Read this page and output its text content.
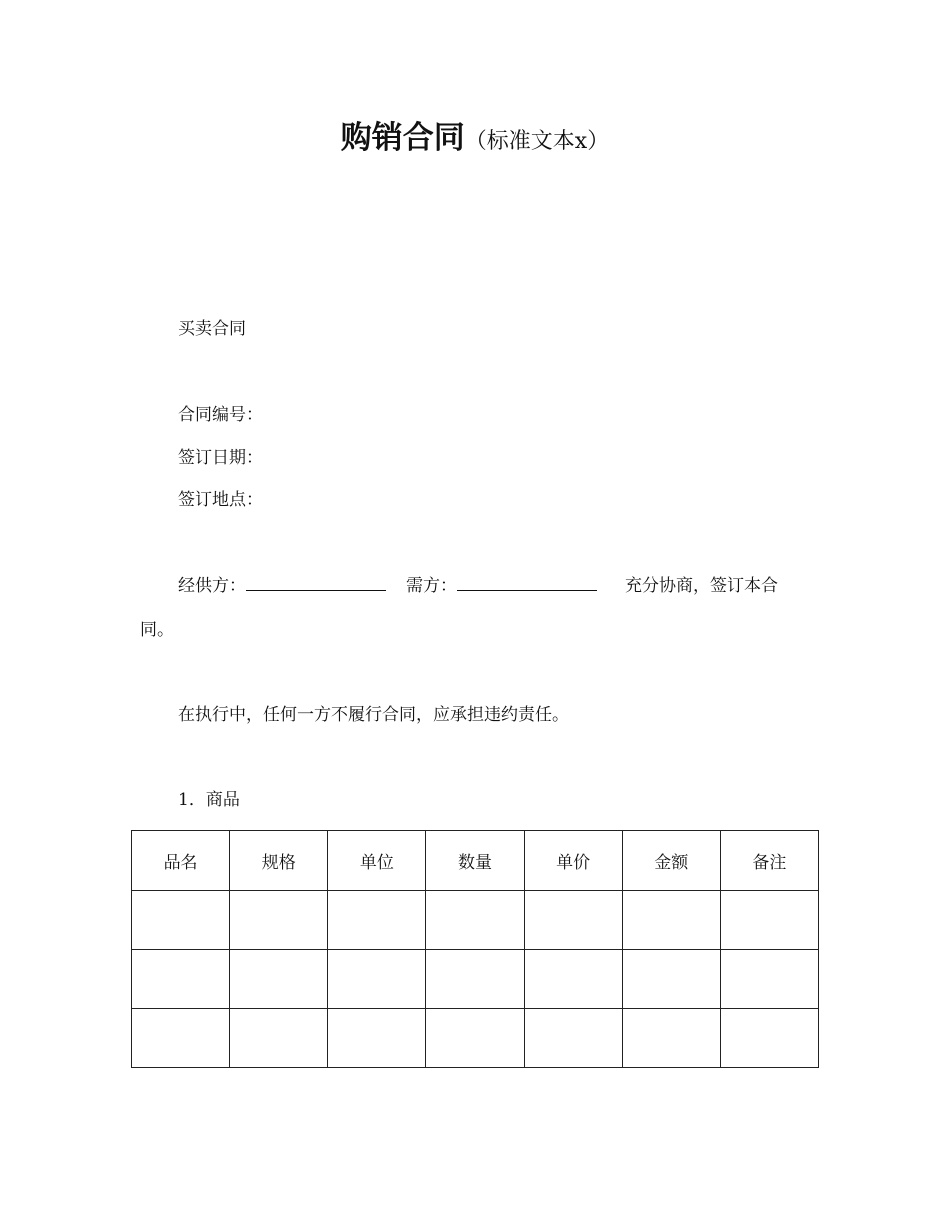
购销合同（标准文本x）
买卖合同
合同编号：
签订日期：
签订地点：
经供方：	需方：	充分协商，签订本合
同。
在执行中，任何一方不履行合同，应承担违约责任。
1．商品
品名	规格	单位	数量	单价	金额	备注
